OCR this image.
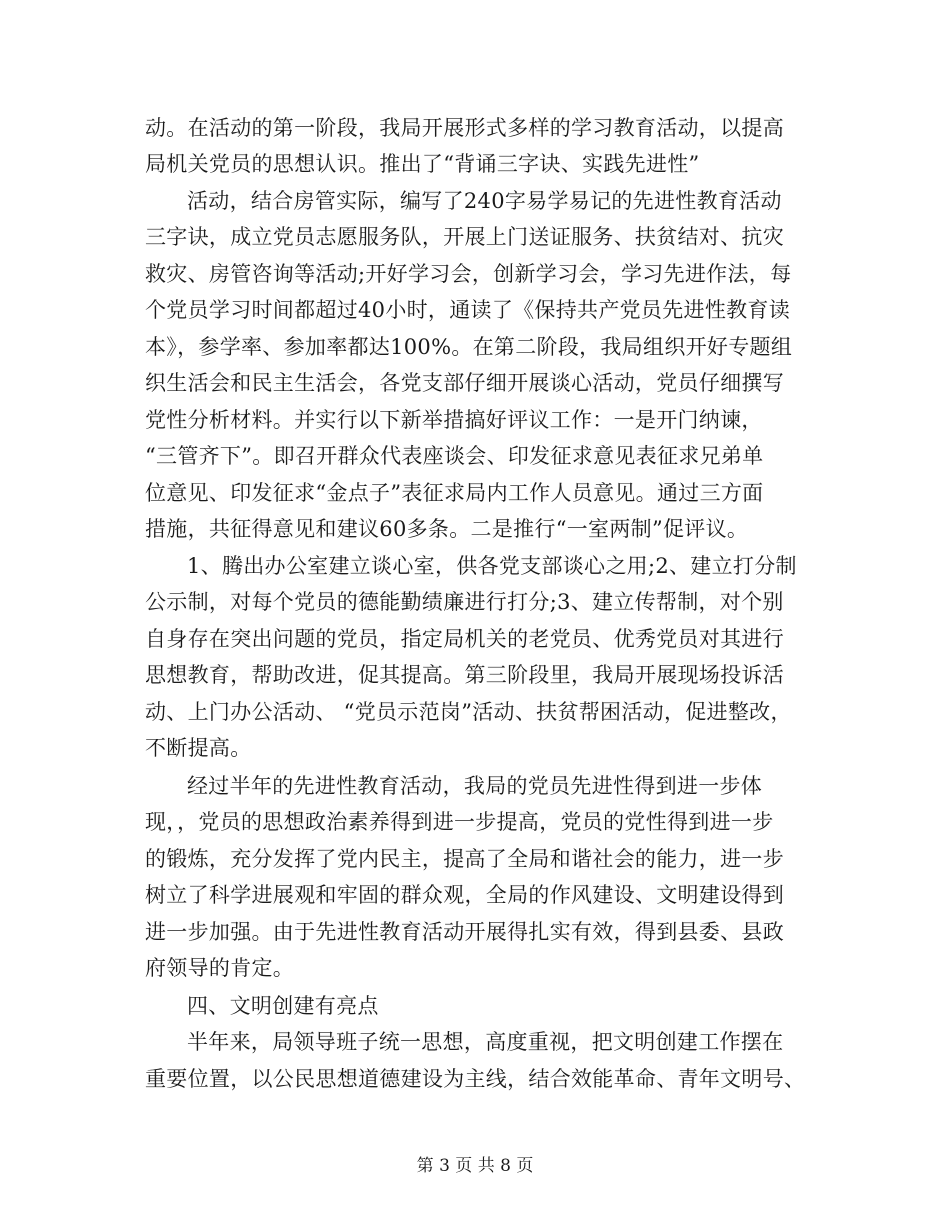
动。在活动的第一阶段，我局开展形式多样的学习教育活动，以提高
局机关党员的思想认识。推出了“背诵三字诀、实践先进性”
活动，结合房管实际，编写了240字易学易记的先进性教育活动
三字诀，成立党员志愿服务队，开展上门送证服务、扶贫结对、抗灾
救灾、房管咨询等活动;开好学习会，创新学习会，学习先进作法，每
个党员学习时间都超过40小时，通读了《保持共产党员先进性教育读
本》，参学率、参加率都达100%。在第二阶段，我局组织开好专题组
织生活会和民主生活会，各党支部仔细开展谈心活动，党员仔细撰写
党性分析材料。并实行以下新举措搞好评议工作：一是开门纳谏，
“三管齐下”。即召开群众代表座谈会、印发征求意见表征求兄弟单
位意见、印发征求“金点子”表征求局内工作人员意见。通过三方面
措施，共征得意见和建议60多条。二是推行“一室两制”促评议。
1、腾出办公室建立谈心室，供各党支部谈心之用;2、建立打分制
公示制，对每个党员的德能勤绩廉进行打分;3、建立传帮制，对个别
自身存在突出问题的党员，指定局机关的老党员、优秀党员对其进行
思想教育，帮助改进，促其提高。第三阶段里，我局开展现场投诉活
动、上门办公活动、 “党员示范岗”活动、扶贫帮困活动，促进整改，
不断提高。
经过半年的先进性教育活动，我局的党员先进性得到进一步体
现，，党员的思想政治素养得到进一步提高，党员的党性得到进一步
的锻炼，充分发挥了党内民主，提高了全局和谐社会的能力，进一步
树立了科学进展观和牢固的群众观，全局的作风建设、文明建设得到
进一步加强。由于先进性教育活动开展得扎实有效，得到县委、县政
府领导的肯定。
四、文明创建有亮点
半年来，局领导班子统一思想，高度重视，把文明创建工作摆在
重要位置，以公民思想道德建设为主线，结合效能革命、青年文明号、
第 3 页 共 8 页
